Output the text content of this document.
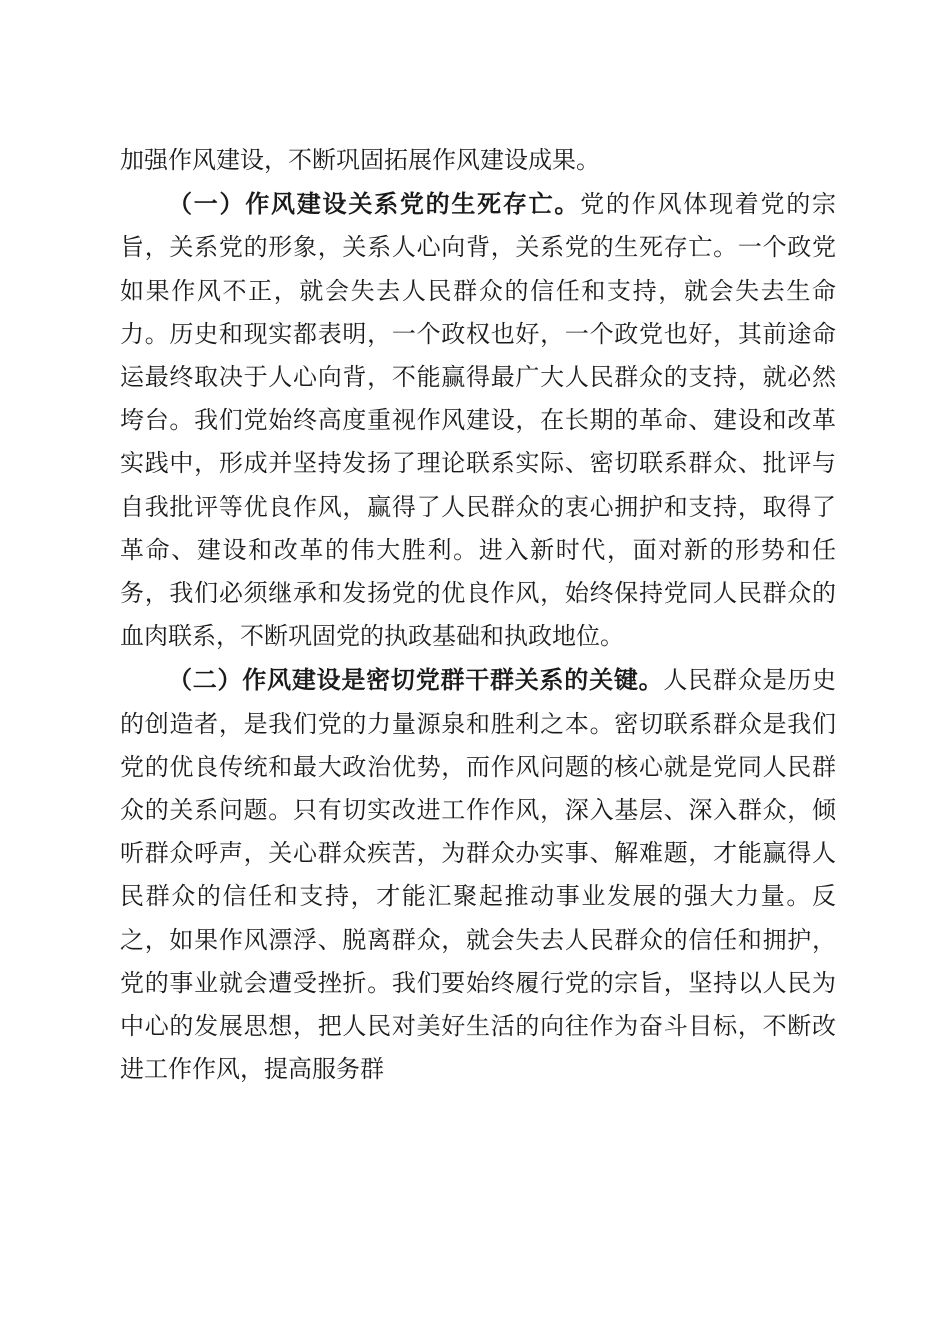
加强作风建设，不断巩固拓展作风建设成果。

（一）作风建设关系党的生死存亡。党的作风体现着党的宗旨，关系党的形象，关系人心向背，关系党的生死存亡。一个政党如果作风不正，就会失去人民群众的信任和支持，就会失去生命力。历史和现实都表明，一个政权也好，一个政党也好，其前途命运最终取决于人心向背，不能赢得最广大人民群众的支持，就必然垮台。我们党始终高度重视作风建设，在长期的革命、建设和改革实践中，形成并坚持发扬了理论联系实际、密切联系群众、批评与自我批评等优良作风，赢得了人民群众的衷心拥护和支持，取得了革命、建设和改革的伟大胜利。进入新时代，面对新的形势和任务，我们必须继承和发扬党的优良作风，始终保持党同人民群众的血肉联系，不断巩固党的执政基础和执政地位。

（二）作风建设是密切党群干群关系的关键。人民群众是历史的创造者，是我们党的力量源泉和胜利之本。密切联系群众是我们党的优良传统和最大政治优势，而作风问题的核心就是党同人民群众的关系问题。只有切实改进工作作风，深入基层、深入群众，倾听群众呼声，关心群众疾苦，为群众办实事、解难题，才能赢得人民群众的信任和支持，才能汇聚起推动事业发展的强大力量。反之，如果作风漂浮、脱离群众，就会失去人民群众的信任和拥护，党的事业就会遭受挫折。我们要始终履行党的宗旨，坚持以人民为中心的发展思想，把人民对美好生活的向往作为奋斗目标，不断改进工作作风，提高服务群
